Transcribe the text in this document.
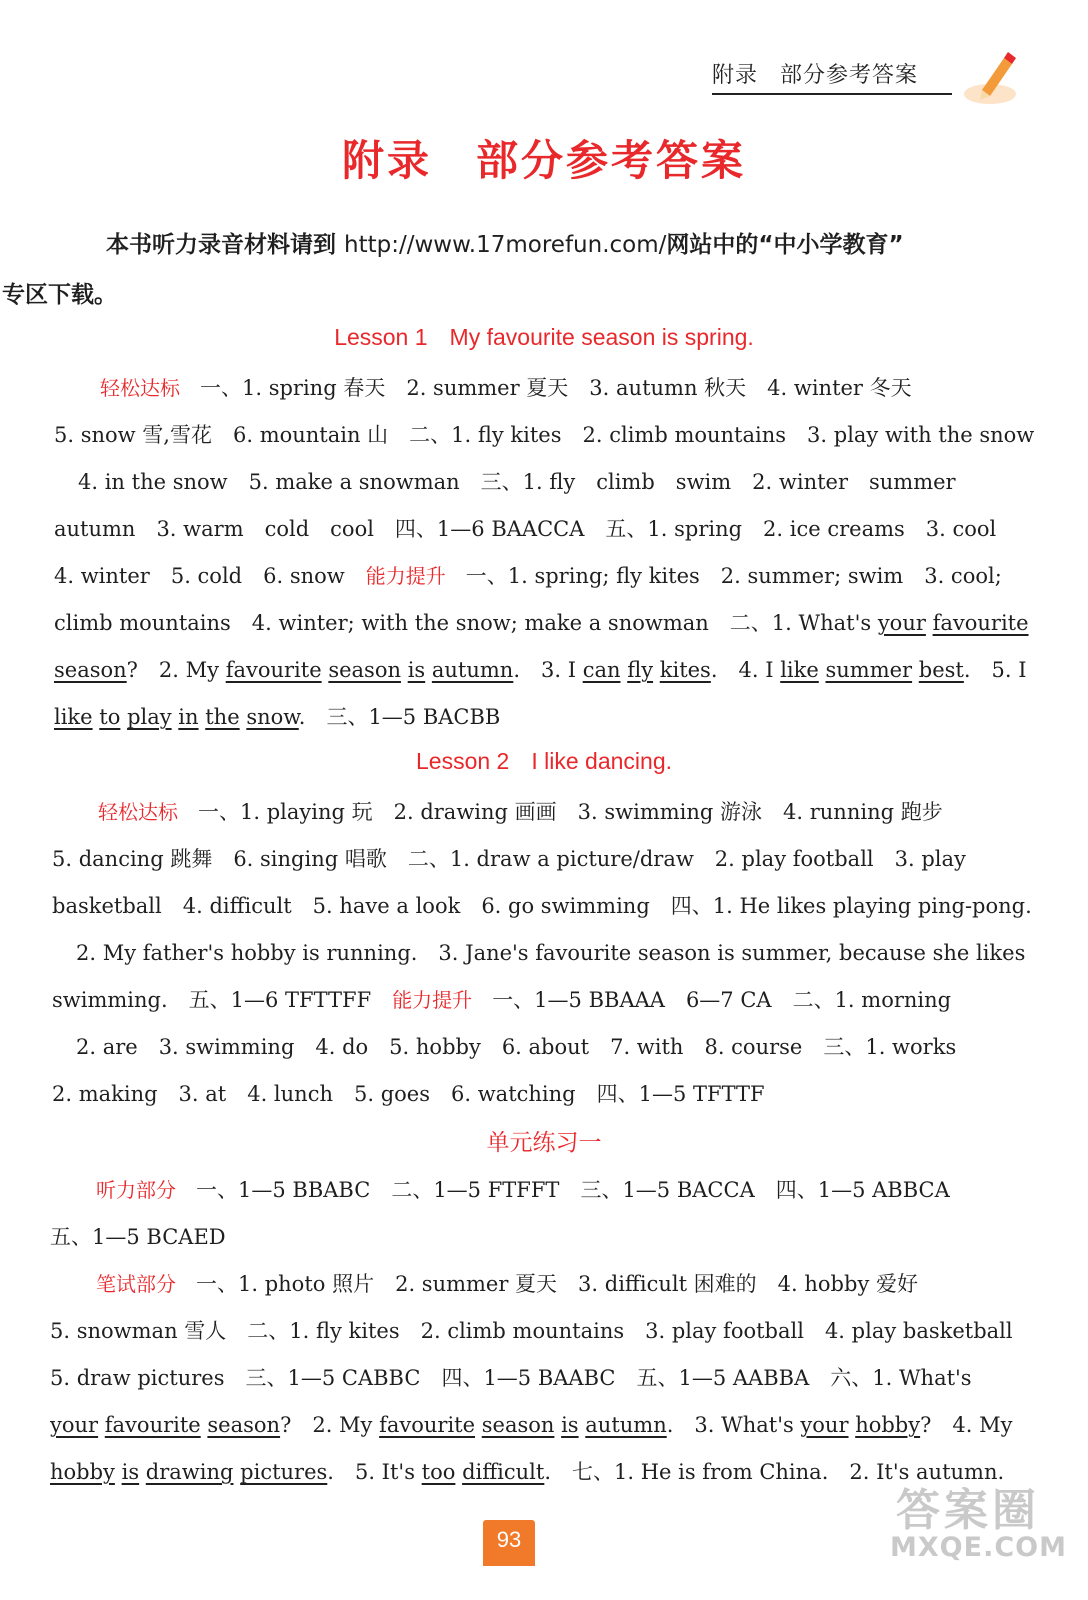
附录 部分参考答案
附录 部分参考答案
本书听力录音材料请到 http://www.17morefun.com/网站中的“中小学教育”
专区下载。
Lesson 1 My favourite season is spring.
轻松达标 一、1. spring 春天　2. summer 夏天　3. autumn 秋天　4. winter 冬天
5. snow 雪,雪花　6. mountain 山　二、1. fly kites　2. climb mountains　3. play with the snow
4. in the snow　5. make a snowman　三、1. fly　climb　swim　2. winter　summer
autumn　3. warm　cold　cool　四、1—6 BAACCA　五、1. spring　2. ice creams　3. cool
4. winter　5. cold　6. snow　 能力提升 一、1. spring; fly kites　2. summer; swim　3. cool;
climb mountains　4. winter; with the snow; make a snowman　二、1. What's your favourite
season?　2. My favourite season is autumn.　3. I can fly kites.　4. I like summer best.　5. I
like to play in the snow.　三、1—5 BACBB
Lesson 2 I like dancing.
轻松达标 一、1. playing 玩　2. drawing 画画　3. swimming 游泳　4. running 跑步
5. dancing 跳舞　6. singing 唱歌　二、1. draw a picture/draw　2. play football　3. play
basketball　4. difficult　5. have a look　6. go swimming　四、1. He likes playing ping-pong.
2. My father's hobby is running.　3. Jane's favourite season is summer, because she likes
swimming.　五、1—6 TFTTFF　 能力提升 一、1—5 BBAAA　6—7 CA　二、1. morning
2. are　3. swimming　4. do　5. hobby　6. about　7. with　8. course　三、1. works
2. making　3. at　4. lunch　5. goes　6. watching　四、1—5 TFTTF
单元练习一
听力部分 一、1—5 BBABC　二、1—5 FTFFT　三、1—5 BACCA　四、1—5 ABBCA
五、1—5 BCAED
笔试部分 一、1. photo 照片　2. summer 夏天　3. difficult 困难的　4. hobby 爱好
5. snowman 雪人　二、1. fly kites　2. climb mountains　3. play football　4. play basketball
5. draw pictures　三、1—5 CABBC　四、1—5 BAABC　五、1—5 AABBA　六、1. What's
your favourite season?　2. My favourite season is autumn.　3. What's your hobby?　4. My
hobby is drawing pictures.　5. It's too difficult.　七、1. He is from China.　2. It's autumn.
93
答案圈
MXQE.COM
